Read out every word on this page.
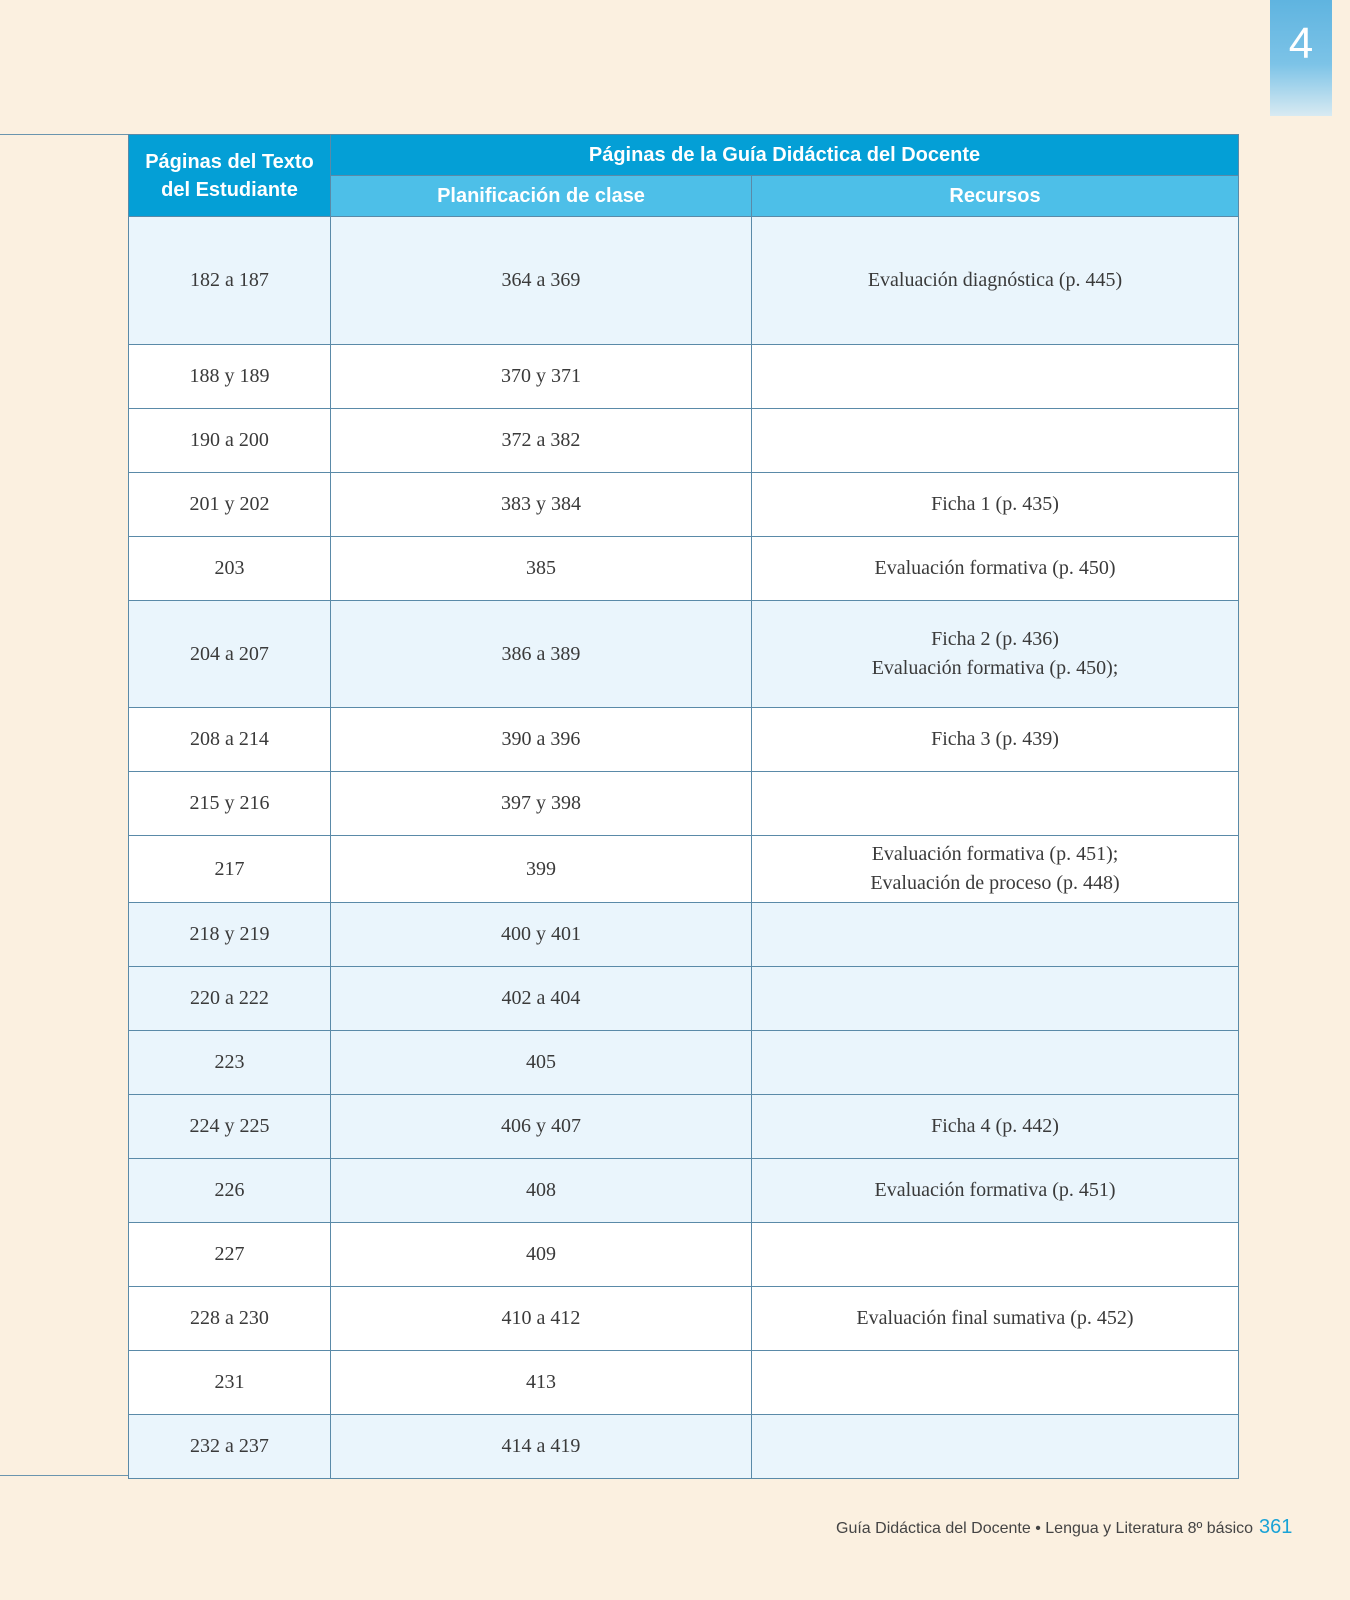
4
Páginas del Texto
del Estudiante	Páginas de la Guía Didáctica del Docente	
	Planificación de clase	Recursos
182 a 187	364 a 369	Evaluación diagnóstica (p. 445)

188 y 189	370 y 371	
190 a 200	372 a 382	
201 y 202	383 y 384	Ficha 1 (p. 435)

203	385	Evaluación formativa (p. 450)

204 a 207	386 a 389	Ficha 2 (p. 436)
Evaluación formativa (p. 450);

208 a 214	390 a 396	Ficha 3 (p. 439)

215 y 216	397 y 398	
217	399	Evaluación formativa (p. 451);
Evaluación de proceso (p. 448)

218 y 219	400 y 401	
220 a 222	402 a 404	
223	405	
224 y 225	406 y 407	Ficha 4 (p. 442)

226	408	Evaluación formativa (p. 451)

227	409	
228 a 230	410 a 412	Evaluación final sumativa (p. 452)

231	413	
232 a 237	414 a 419	
Guía Didáctica del Docente • Lengua y Literatura 8º básico 361
